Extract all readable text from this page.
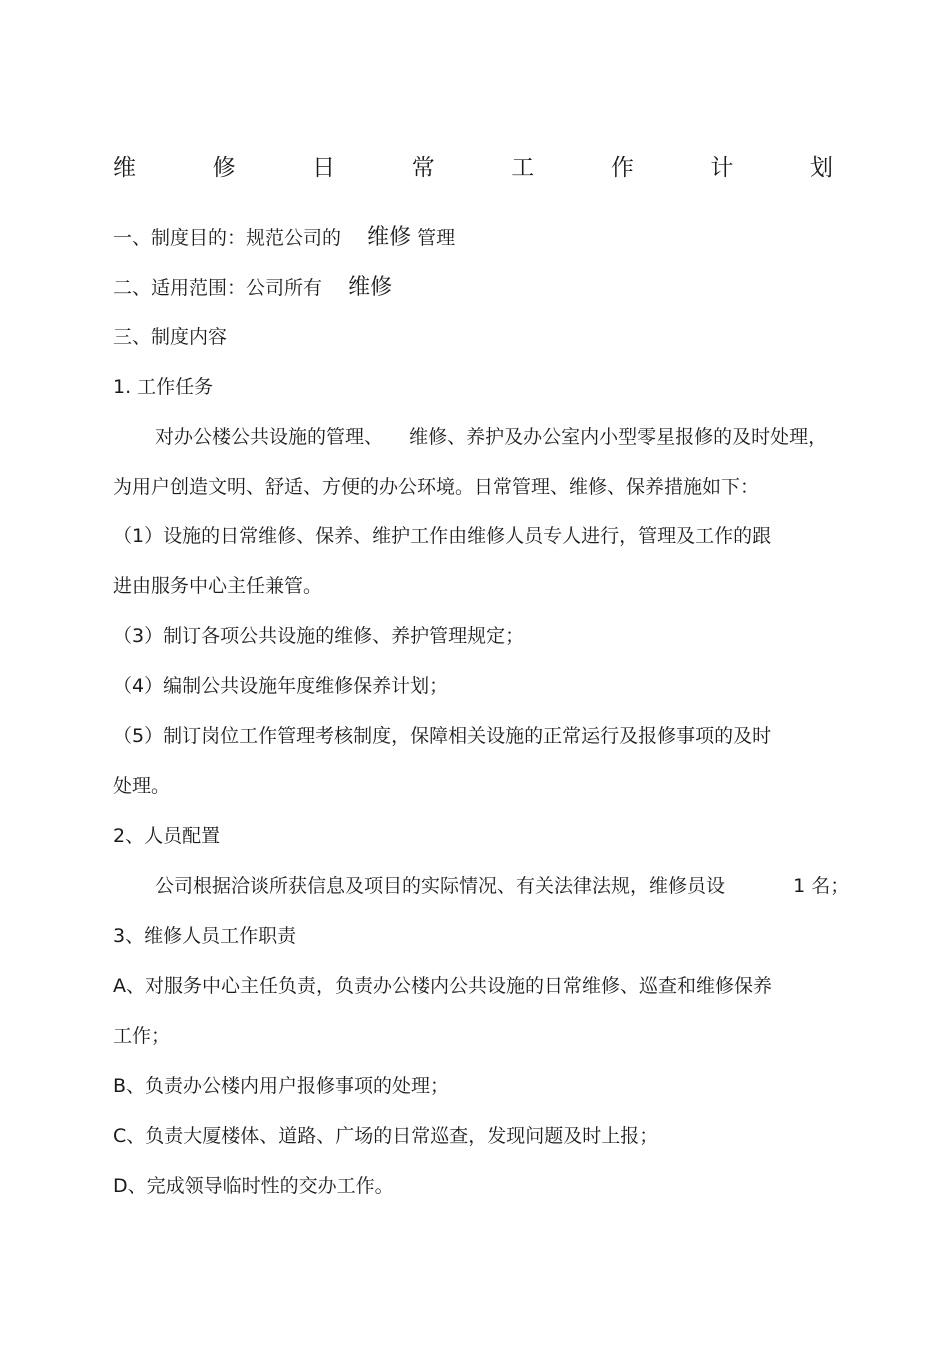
维	修	日	常	工	作	计	划
一、制度目的：规范公司的 维修 管理
二、适用范围：公司所有 维修
三、制度内容
1. 工作任务
对办公楼公共设施的管理、 维修、养护及办公室内小型零星报修的及时处理，
为用户创造文明、舒适、方便的办公环境。日常管理、维修、保养措施如下：
（1）设施的日常维修、保养、维护工作由维修人员专人进行，管理及工作的跟
进由服务中心主任兼管。
（3）制订各项公共设施的维修、养护管理规定；
（4）编制公共设施年度维修保养计划；
（5）制订岗位工作管理考核制度，保障相关设施的正常运行及报修事项的及时
处理。
2、人员配置
公司根据洽谈所获信息及项目的实际情况、有关法律法规，维修员设	1 名；
3、维修人员工作职责
A、对服务中心主任负责，负责办公楼内公共设施的日常维修、巡查和维修保养
工作；
B、负责办公楼内用户报修事项的处理；
C、负责大厦楼体、道路、广场的日常巡查，发现问题及时上报；
D、完成领导临时性的交办工作。
